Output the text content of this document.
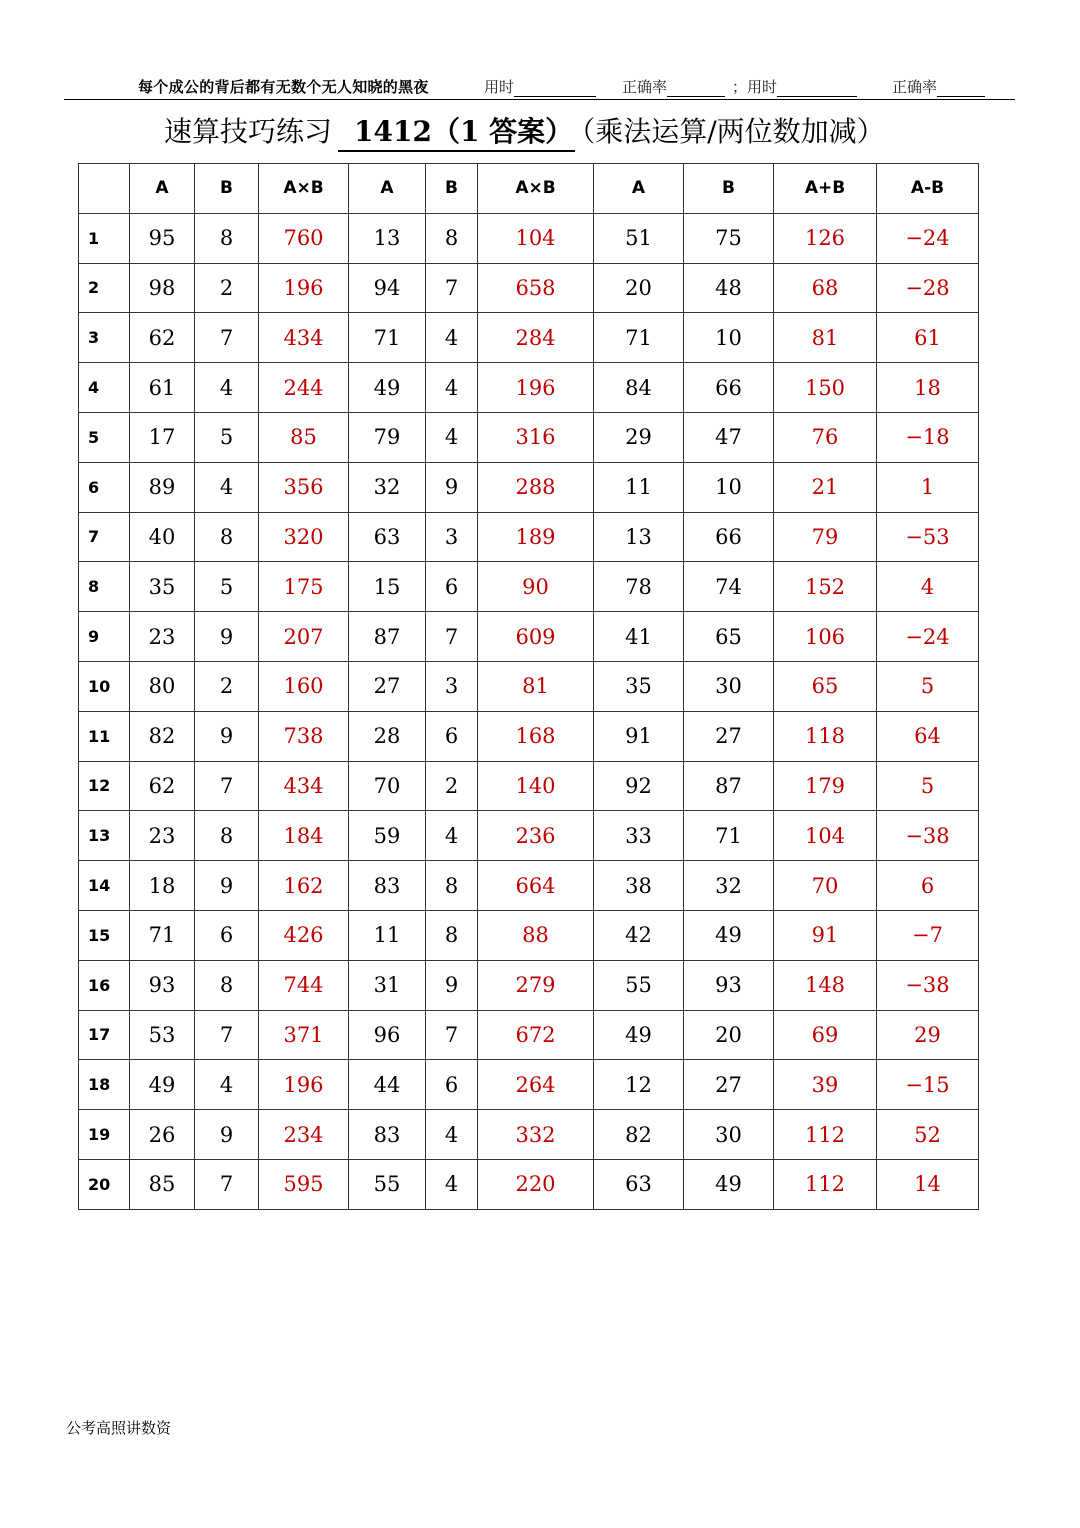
每个成公的背后都有无数个无人知晓的黑夜	用时	正确率	；用时	正确率
速算技巧练习 1412（1 答案） （乘法运算/两位数加减）
	A	B	A×B	A	B	A×B	A	B	A+B	A-B
1	95	8	760	13	8	104	51	75	126	−24
2	98	2	196	94	7	658	20	48	68	−28
3	62	7	434	71	4	284	71	10	81	61
4	61	4	244	49	4	196	84	66	150	18
5	17	5	85	79	4	316	29	47	76	−18
6	89	4	356	32	9	288	11	10	21	1
7	40	8	320	63	3	189	13	66	79	−53
8	35	5	175	15	6	90	78	74	152	4
9	23	9	207	87	7	609	41	65	106	−24
10	80	2	160	27	3	81	35	30	65	5
11	82	9	738	28	6	168	91	27	118	64
12	62	7	434	70	2	140	92	87	179	5
13	23	8	184	59	4	236	33	71	104	−38
14	18	9	162	83	8	664	38	32	70	6
15	71	6	426	11	8	88	42	49	91	−7
16	93	8	744	31	9	279	55	93	148	−38
17	53	7	371	96	7	672	49	20	69	29
18	49	4	196	44	6	264	12	27	39	−15
19	26	9	234	83	4	332	82	30	112	52
20	85	7	595	55	4	220	63	49	112	14
公考高照讲数资
